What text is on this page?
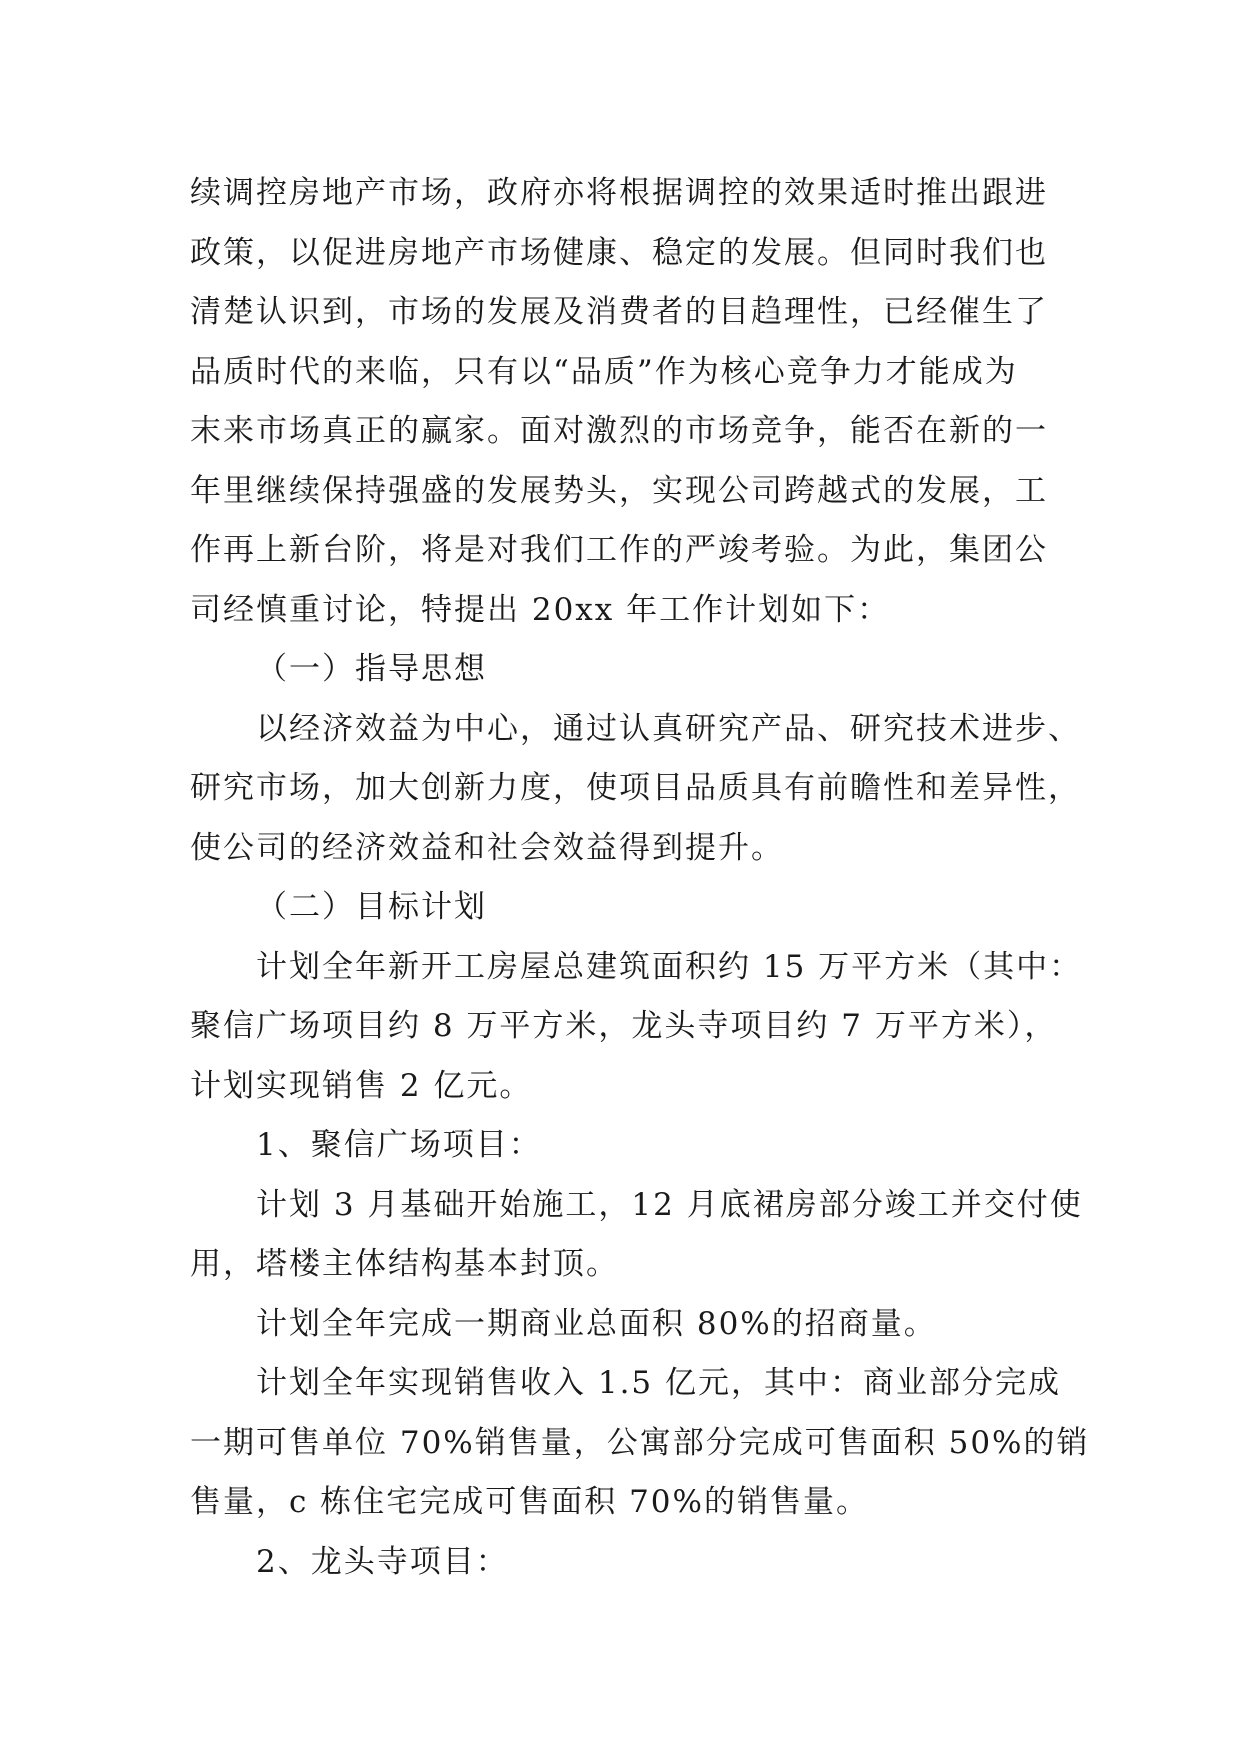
续调控房地产市场，政府亦将根据调控的效果适时推出跟进
政策，以促进房地产市场健康、稳定的发展。但同时我们也
清楚认识到，市场的发展及消费者的目趋理性，已经催生了
品质时代的来临，只有以“品质”作为核心竞争力才能成为
末来市场真正的赢家。面对激烈的市场竞争，能否在新的一
年里继续保持强盛的发展势头，实现公司跨越式的发展，工
作再上新台阶，将是对我们工作的严竣考验。为此，集团公
司经慎重讨论，特提出 20xx 年工作计划如下：
（一）指导思想
以经济效益为中心，通过认真研究产品、研究技术进步、
研究市场，加大创新力度，使项目品质具有前瞻性和差异性，
使公司的经济效益和社会效益得到提升。
（二）目标计划
计划全年新开工房屋总建筑面积约 15 万平方米（其中：
聚信广场项目约 8 万平方米，龙头寺项目约 7 万平方米），
计划实现销售 2 亿元。
1、聚信广场项目：
计划 3 月基础开始施工，12 月底裙房部分竣工并交付使
用，塔楼主体结构基本封顶。
计划全年完成一期商业总面积 80%的招商量。
计划全年实现销售收入 1.5 亿元，其中：商业部分完成
一期可售单位 70%销售量，公寓部分完成可售面积 50%的销
售量，c 栋住宅完成可售面积 70%的销售量。
2、龙头寺项目：
